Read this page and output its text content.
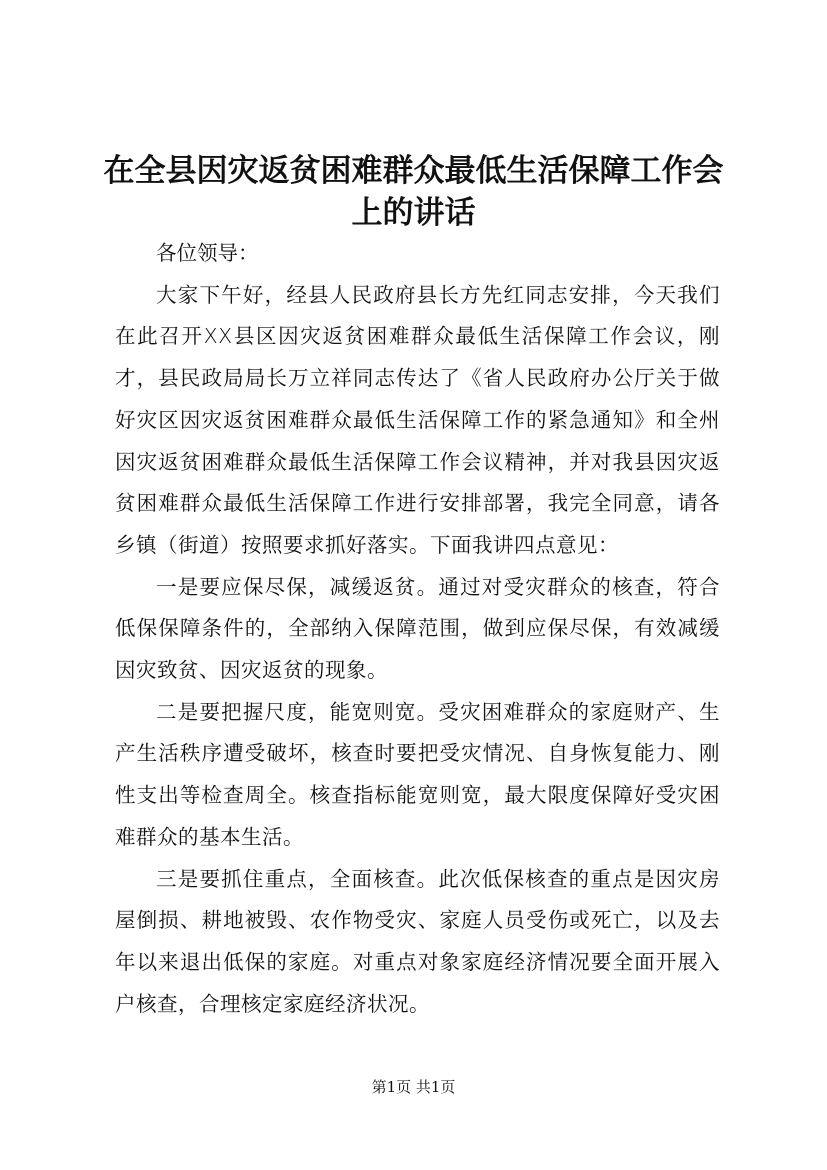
在全县因灾返贫困难群众最低生活保障工作会上的讲话

各位领导：

大家下午好，经县人民政府县长方先红同志安排，今天我们在此召开XX县区因灾返贫困难群众最低生活保障工作会议，刚才，县民政局局长万立祥同志传达了《省人民政府办公厅关于做好灾区因灾返贫困难群众最低生活保障工作的紧急通知》和全州因灾返贫困难群众最低生活保障工作会议精神，并对我县因灾返贫困难群众最低生活保障工作进行安排部署，我完全同意，请各乡镇（街道）按照要求抓好落实。下面我讲四点意见：

一是要应保尽保，减缓返贫。通过对受灾群众的核查，符合低保保障条件的，全部纳入保障范围，做到应保尽保，有效减缓因灾致贫、因灾返贫的现象。

二是要把握尺度，能宽则宽。受灾困难群众的家庭财产、生产生活秩序遭受破坏，核查时要把受灾情况、自身恢复能力、刚性支出等检查周全。核查指标能宽则宽，最大限度保障好受灾困难群众的基本生活。

三是要抓住重点，全面核查。此次低保核查的重点是因灾房屋倒损、耕地被毁、农作物受灾、家庭人员受伤或死亡，以及去年以来退出低保的家庭。对重点对象家庭经济情况要全面开展入户核查，合理核定家庭经济状况。

第1页 共1页
